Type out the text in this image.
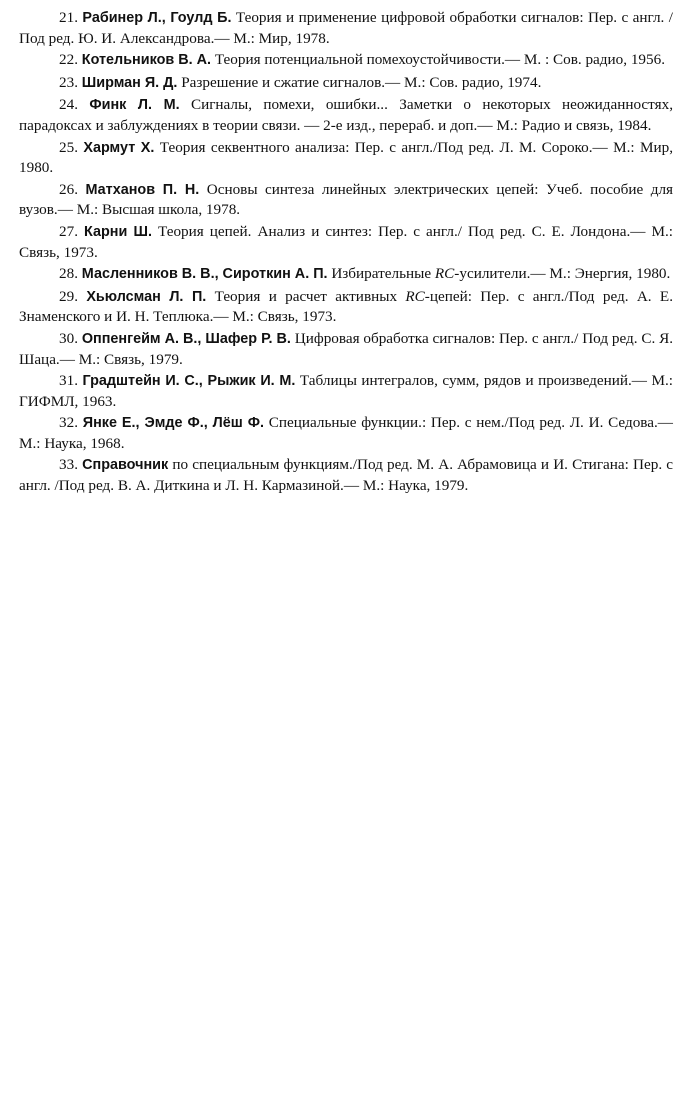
21. Рабинер Л., Гоулд Б. Теория и применение цифровой обработки сигналов: Пер. с англ. /Под ред. Ю. И. Александрова.— М.: Мир, 1978.

22. Котельников В. А. Теория потенциальной помехоустойчивости.— М. : Сов. радио, 1956.

23. Ширман Я. Д. Разрешение и сжатие сигналов.— М.: Сов. радио, 1974.

24. Финк Л. М. Сигналы, помехи, ошибки... Заметки о некоторых неожиданностях, парадоксах и заблуждениях в теории связи. — 2-е изд., перераб. и доп.— М.: Радио и связь, 1984.

25. Хармут Х. Теория секвентного анализа: Пер. с англ./Под ред. Л. М. Сороко.— М.: Мир, 1980.

26. Матханов П. Н. Основы синтеза линейных электрических цепей: Учеб. пособие для вузов.— М.: Высшая школа, 1978.

27. Карни Ш. Теория цепей. Анализ и синтез: Пер. с англ./ Под ред. С. Е. Лондона.— М.: Связь, 1973.

28. Масленников В. В., Сироткин А. П. Избирательные RC-усилители.— М.: Энергия, 1980.

29. Хьюлсман Л. П. Теория и расчет активных RC-цепей: Пер. с англ./Под ред. А. Е. Знаменского и И. Н. Теплюка.— М.: Связь, 1973.

30. Оппенгейм А. В., Шафер Р. В. Цифровая обработка сигналов: Пер. с англ./ Под ред. С. Я. Шаца.— М.: Связь, 1979.

31. Градштейн И. С., Рыжик И. М. Таблицы интегралов, сумм, рядов и произведений.— М.: ГИФМЛ, 1963.

32. Янке Е., Эмде Ф., Лёш Ф. Специальные функции.: Пер. с нем./Под ред. Л. И. Седова.— М.: Наука, 1968.

33. Справочник по специальным функциям./Под ред. М. А. Абрамовица и И. Стигана: Пер. с англ. /Под ред. В. А. Диткина и Л. Н. Кармазиной.— М.: Наука, 1979.
